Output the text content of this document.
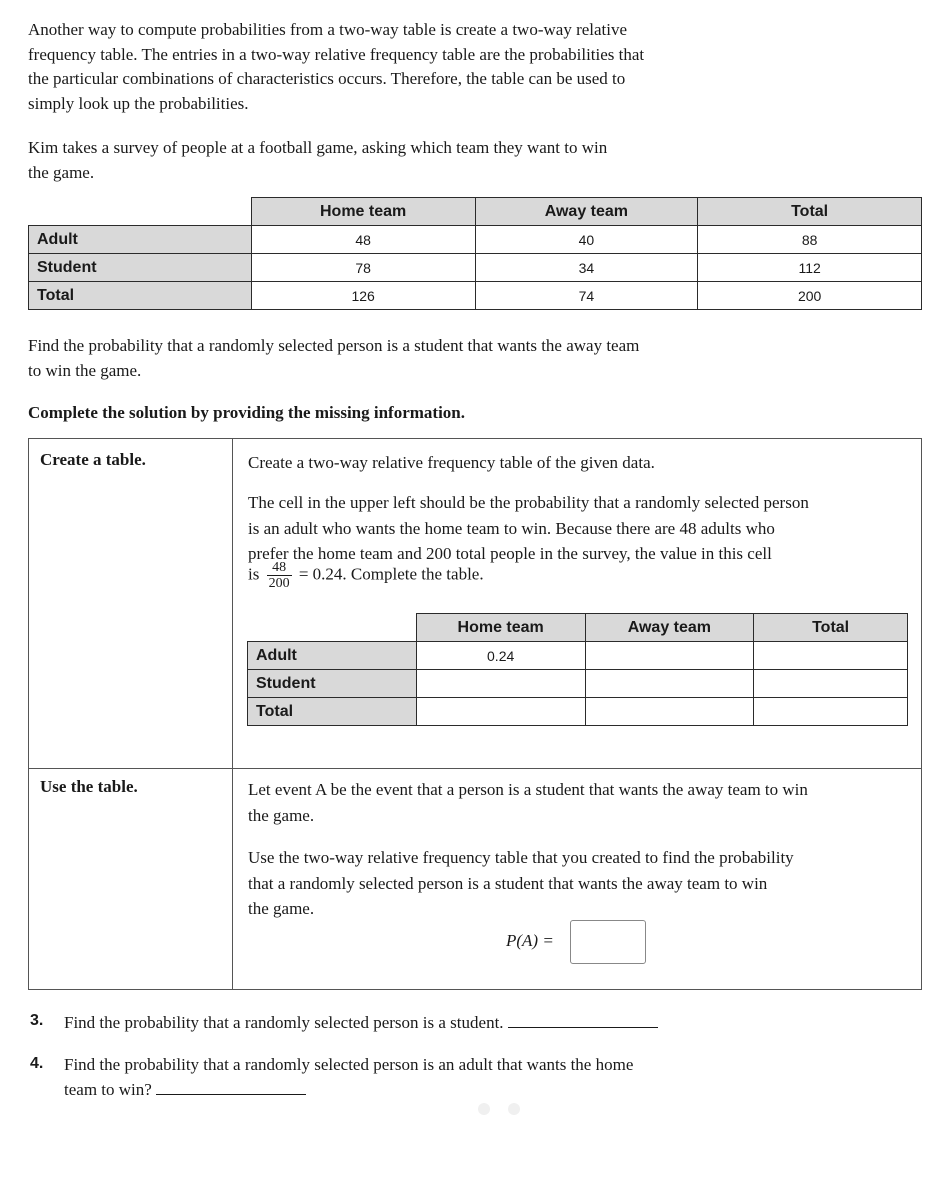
Another way to compute probabilities from a two-way table is create a two-way relative
frequency table. The entries in a two-way relative frequency table are the probabilities that
the particular combinations of characteristics occurs. Therefore, the table can be used to
simply look up the probabilities.

Kim takes a survey of people at a football game, asking which team they want to win
the game.

	Home team	Away team	Total
Adult	48	40	88
Student	78	34	112
Total	126	74	200

Find the probability that a randomly selected person is a student that wants the away team
to win the game.

Complete the solution by providing the missing information.

Create a table.	Create a two-way relative frequency table of the given data.

The cell in the upper left should be the probability that a randomly selected person
is an adult who wants the home team to win. Because there are 48 adults who
prefer the home team and 200 total people in the survey, the value in this cell

is $\frac{48}{200} = 0.24$. Complete the table.
	Home team	Away team	Total
Adult	0.24		
Student			
Total			
Use the table.	Let event A be the event that a person is a student that wants the away team to win
the game.

Use the two-way relative frequency table that you created to find the probability
that a randomly selected person is a student that wants the away team to win
the game.

P(A) =
3. Find the probability that a randomly selected person is a student.
4. Find the probability that a randomly selected person is an adult that wants the home
team to win?
